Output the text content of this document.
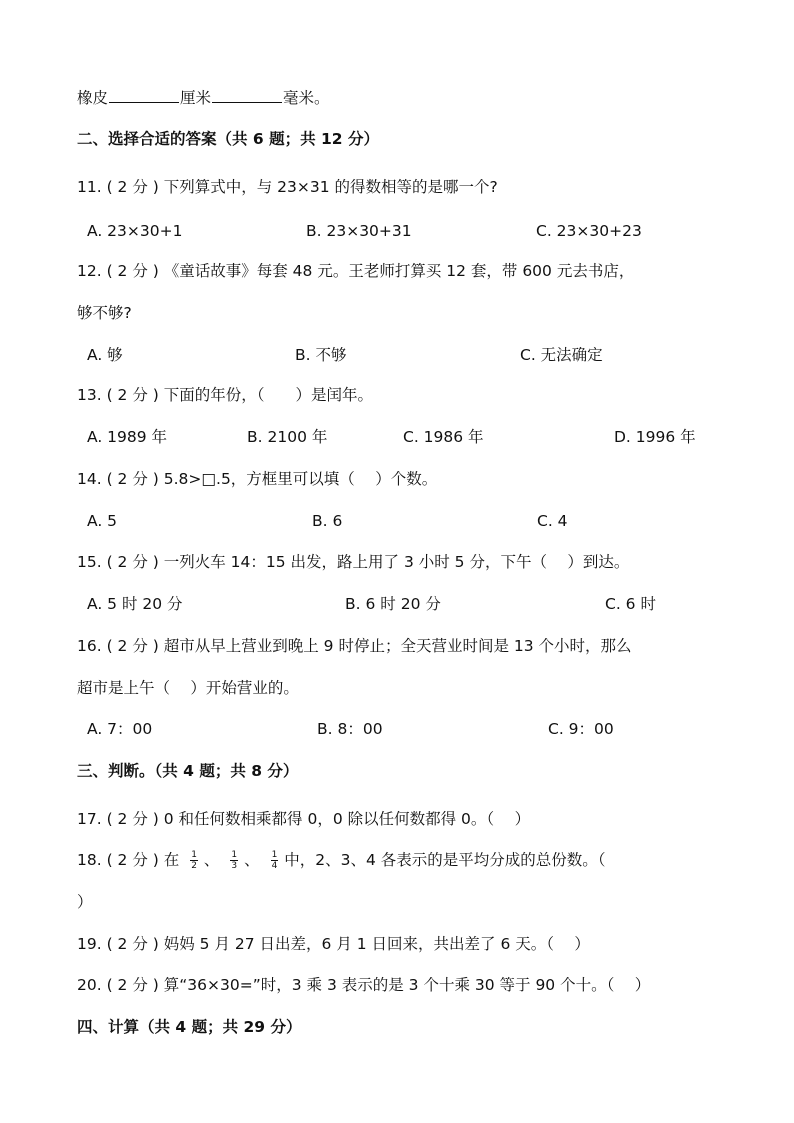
橡皮	厘米	毫米。
二、选择合适的答案（共 6 题；共 12 分）
11. ( 2 分 ) 下列算式中，与 23×31 的得数相等的是哪一个?
A. 23×30+1	B. 23×30+31	C. 23×30+23
12. ( 2 分 ) 《童话故事》每套 48 元。王老师打算买 12 套，带 600 元去书店，
够不够?
A. 够	B. 不够	C. 无法确定
13. ( 2 分 ) 下面的年份，（　　）是闰年。
A. 1989 年	B. 2100 年	C. 1986 年	D. 1996 年
14. ( 2 分 ) 5.8>□.5，方框里可以填（　 ）个数。
A. 5	B. 6	C. 4
15. ( 2 分 ) 一列火车 14：15 出发，路上用了 3 小时 5 分，下午（　 ）到达。
A. 5 时 20 分	B. 6 时 20 分	C. 6 时
16. ( 2 分 ) 超市从早上营业到晚上 9 时停止；全天营业时间是 13 个小时，那么
超市是上午（　 ）开始营业的。
A. 7：00	B. 8：00	C. 9：00
三、判断。（共 4 题；共 8 分）
17. ( 2 分 ) 0 和任何数相乘都得 0，0 除以任何数都得 0。（　 ）
18. ( 2 分 ) 在 $\frac{1}{2}$ 、 $\frac{1}{3}$ 、 $\frac{1}{4}$ 中，2、3、4 各表示的是平均分成的总份数。（
）
19. ( 2 分 ) 妈妈 5 月 27 日出差，6 月 1 日回来，共出差了 6 天。（　 ）
20. ( 2 分 ) 算“36×30=”时，3 乘 3 表示的是 3 个十乘 30 等于 90 个十。（　 ）
四、计算（共 4 题；共 29 分）
